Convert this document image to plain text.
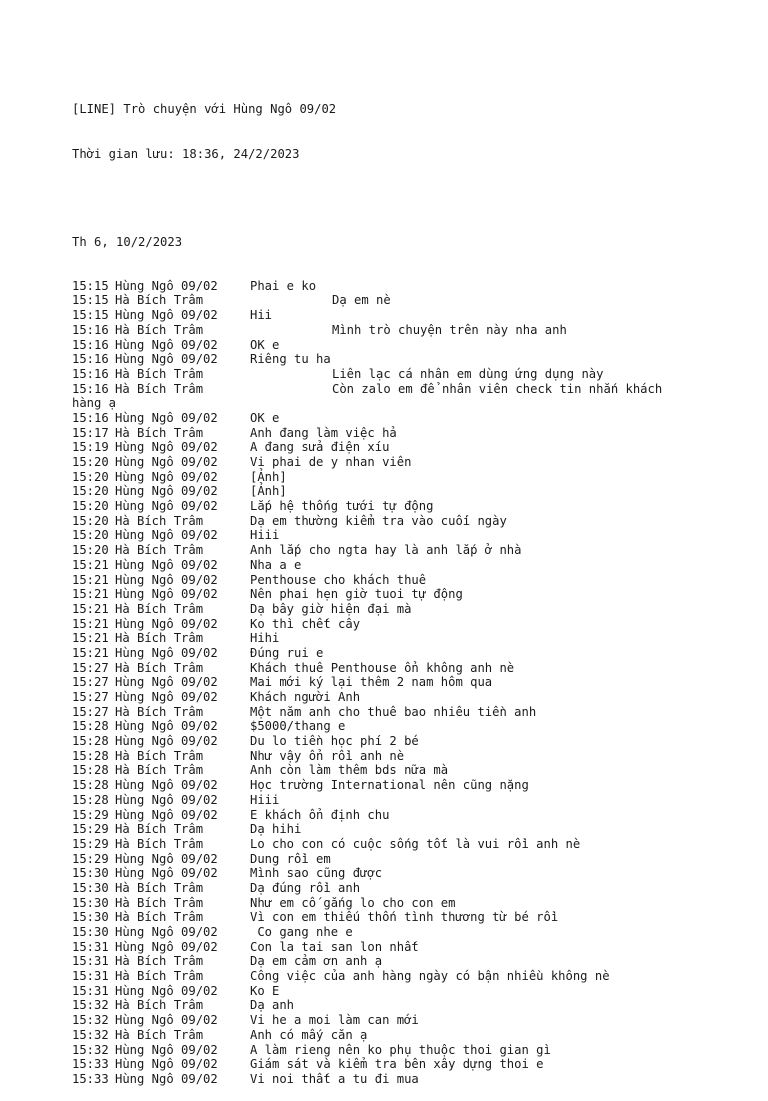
[LINE] Trò chuyện với Hùng Ngô 09/02

Thời gian lưu: 18:36, 24/2/2023

Th 6, 10/2/2023

15:15 Hùng Ngô 09/02	Phai e ko
15:15 Hà Bích Trâm	Dạ em nè
15:15 Hùng Ngô 09/02	Hii
15:16 Hà Bích Trâm	Mình trò chuyện trên này nha anh
15:16 Hùng Ngô 09/02	OK e
15:16 Hùng Ngô 09/02	Riêng tu ha
15:16 Hà Bích Trâm	Liên lạc cá nhân em dùng ứng dụng này
15:16 Hà Bích Trâm	Còn zalo em để nhân viên check tin nhắn khách
hàng ạ
15:16 Hùng Ngô 09/02	OK e
15:17 Hà Bích Trâm	Anh đang làm việc hả
15:19 Hùng Ngô 09/02	A đang sửa điện xíu
15:20 Hùng Ngô 09/02	Vi phai de y nhan viên
15:20 Hùng Ngô 09/02	[Ảnh]
15:20 Hùng Ngô 09/02	[Ảnh]
15:20 Hùng Ngô 09/02	Lắp hệ thống tưới tự động
15:20 Hà Bích Trâm	Dạ em thường kiểm tra vào cuối ngày
15:20 Hùng Ngô 09/02	Hiii
15:20 Hà Bích Trâm	Anh lắp cho ngta hay là anh lắp ở nhà
15:21 Hùng Ngô 09/02	Nha a e
15:21 Hùng Ngô 09/02	Penthouse cho khách thuê
15:21 Hùng Ngô 09/02	Nên phai hẹn giờ tuoi tự động
15:21 Hà Bích Trâm	Dạ bây giờ hiện đại mà
15:21 Hùng Ngô 09/02	Ko thì chết cây
15:21 Hà Bích Trâm	Hihi
15:21 Hùng Ngô 09/02	Đúng rui e
15:27 Hà Bích Trâm	Khách thuê Penthouse ổn không anh nè
15:27 Hùng Ngô 09/02	Mai mới ký lại thêm 2 nam hôm qua
15:27 Hùng Ngô 09/02	Khách người Anh
15:27 Hà Bích Trâm	Một năm anh cho thuê bao nhiêu tiền anh
15:28 Hùng Ngô 09/02	$5000/thang e
15:28 Hùng Ngô 09/02	Du lo tiền học phí 2 bé
15:28 Hà Bích Trâm	Như vậy ổn rồi anh nè
15:28 Hà Bích Trâm	Anh còn làm thêm bds nữa mà
15:28 Hùng Ngô 09/02	Học trường International nên cũng nặng
15:28 Hùng Ngô 09/02	Hiii
15:29 Hùng Ngô 09/02	E khách ổn định chu
15:29 Hà Bích Trâm	Dạ hihi
15:29 Hà Bích Trâm	Lo cho con có cuộc sống tốt là vui rồi anh nè
15:29 Hùng Ngô 09/02	Dung rồi em
15:30 Hùng Ngô 09/02	Mình sao cũng được
15:30 Hà Bích Trâm	Dạ đúng rồi anh
15:30 Hà Bích Trâm	Như em cố gắng lo cho con em
15:30 Hà Bích Trâm	Vì con em thiếu thốn tình thương từ bé rồi
15:30 Hùng Ngô 09/02	Co gang nhe e
15:31 Hùng Ngô 09/02	Con la tai san lon nhất
15:31 Hà Bích Trâm	Dạ em cảm ơn anh ạ
15:31 Hà Bích Trâm	Công việc của anh hàng ngày có bận nhiều không nè
15:31 Hùng Ngô 09/02	Ko E
15:32 Hà Bích Trâm	Dạ anh
15:32 Hùng Ngô 09/02	Vi he a moi làm can mới
15:32 Hà Bích Trâm	Anh có mấy căn ạ
15:32 Hùng Ngô 09/02	A làm rieng nên ko phụ thuộc thoi gian gì
15:33 Hùng Ngô 09/02	Giám sát và kiểm tra bên xây dựng thoi e
15:33 Hùng Ngô 09/02	Vi noi thất a tu đi mua
